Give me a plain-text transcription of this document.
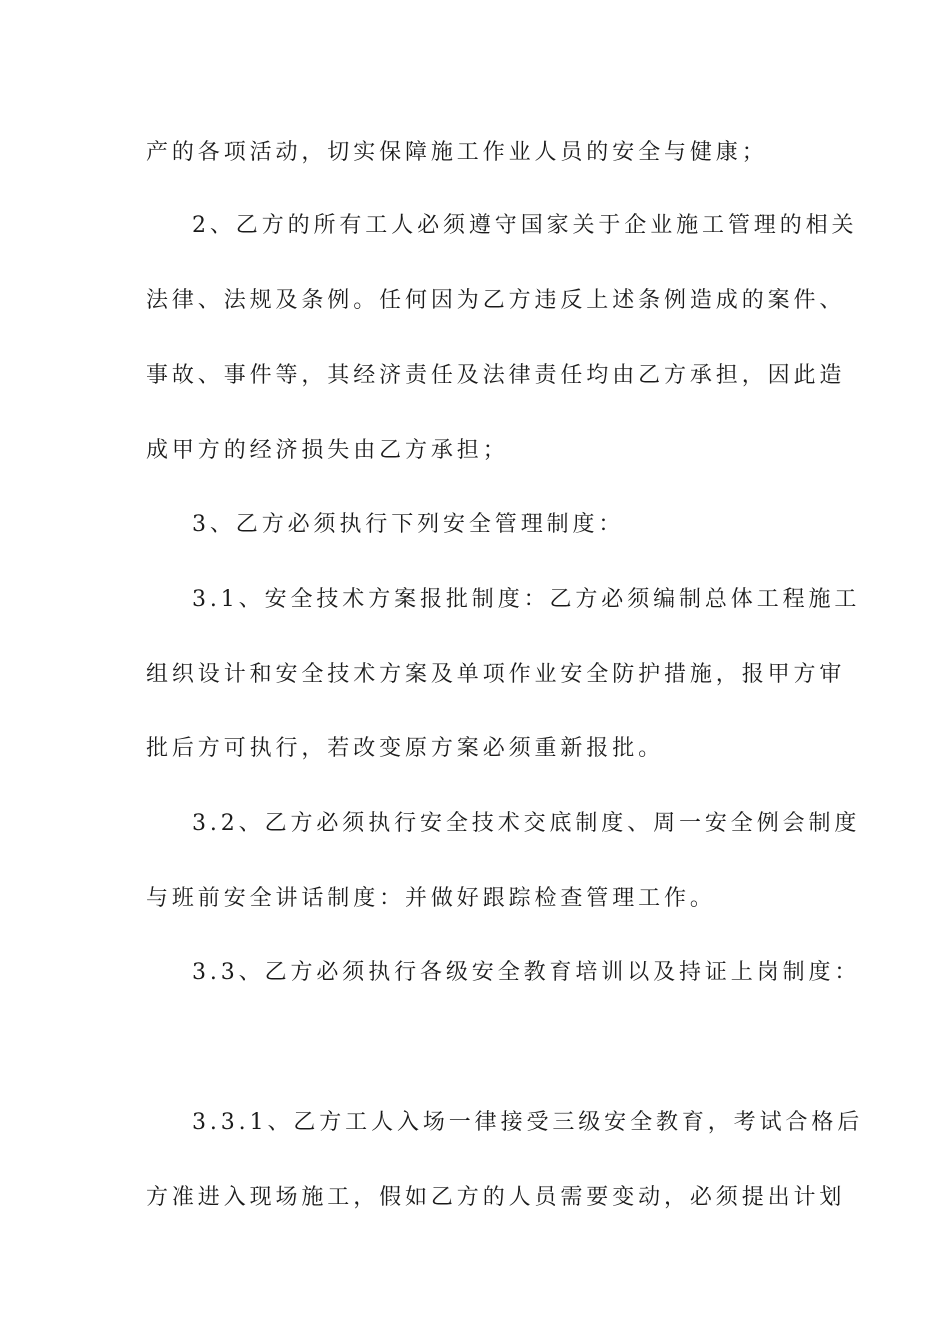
产的各项活动，切实保障施工作业人员的安全与健康；
2、乙方的所有工人必须遵守国家关于企业施工管理的相关
法律、法规及条例。任何因为乙方违反上述条例造成的案件、
事故、事件等，其经济责任及法律责任均由乙方承担，因此造
成甲方的经济损失由乙方承担；
3、乙方必须执行下列安全管理制度：
3.1、安全技术方案报批制度：乙方必须编制总体工程施工
组织设计和安全技术方案及单项作业安全防护措施，报甲方审
批后方可执行，若改变原方案必须重新报批。
3.2、乙方必须执行安全技术交底制度、周一安全例会制度
与班前安全讲话制度：并做好跟踪检查管理工作。
3.3、乙方必须执行各级安全教育培训以及持证上岗制度：
3.3.1、乙方工人入场一律接受三级安全教育，考试合格后
方准进入现场施工，假如乙方的人员需要变动，必须提出计划
